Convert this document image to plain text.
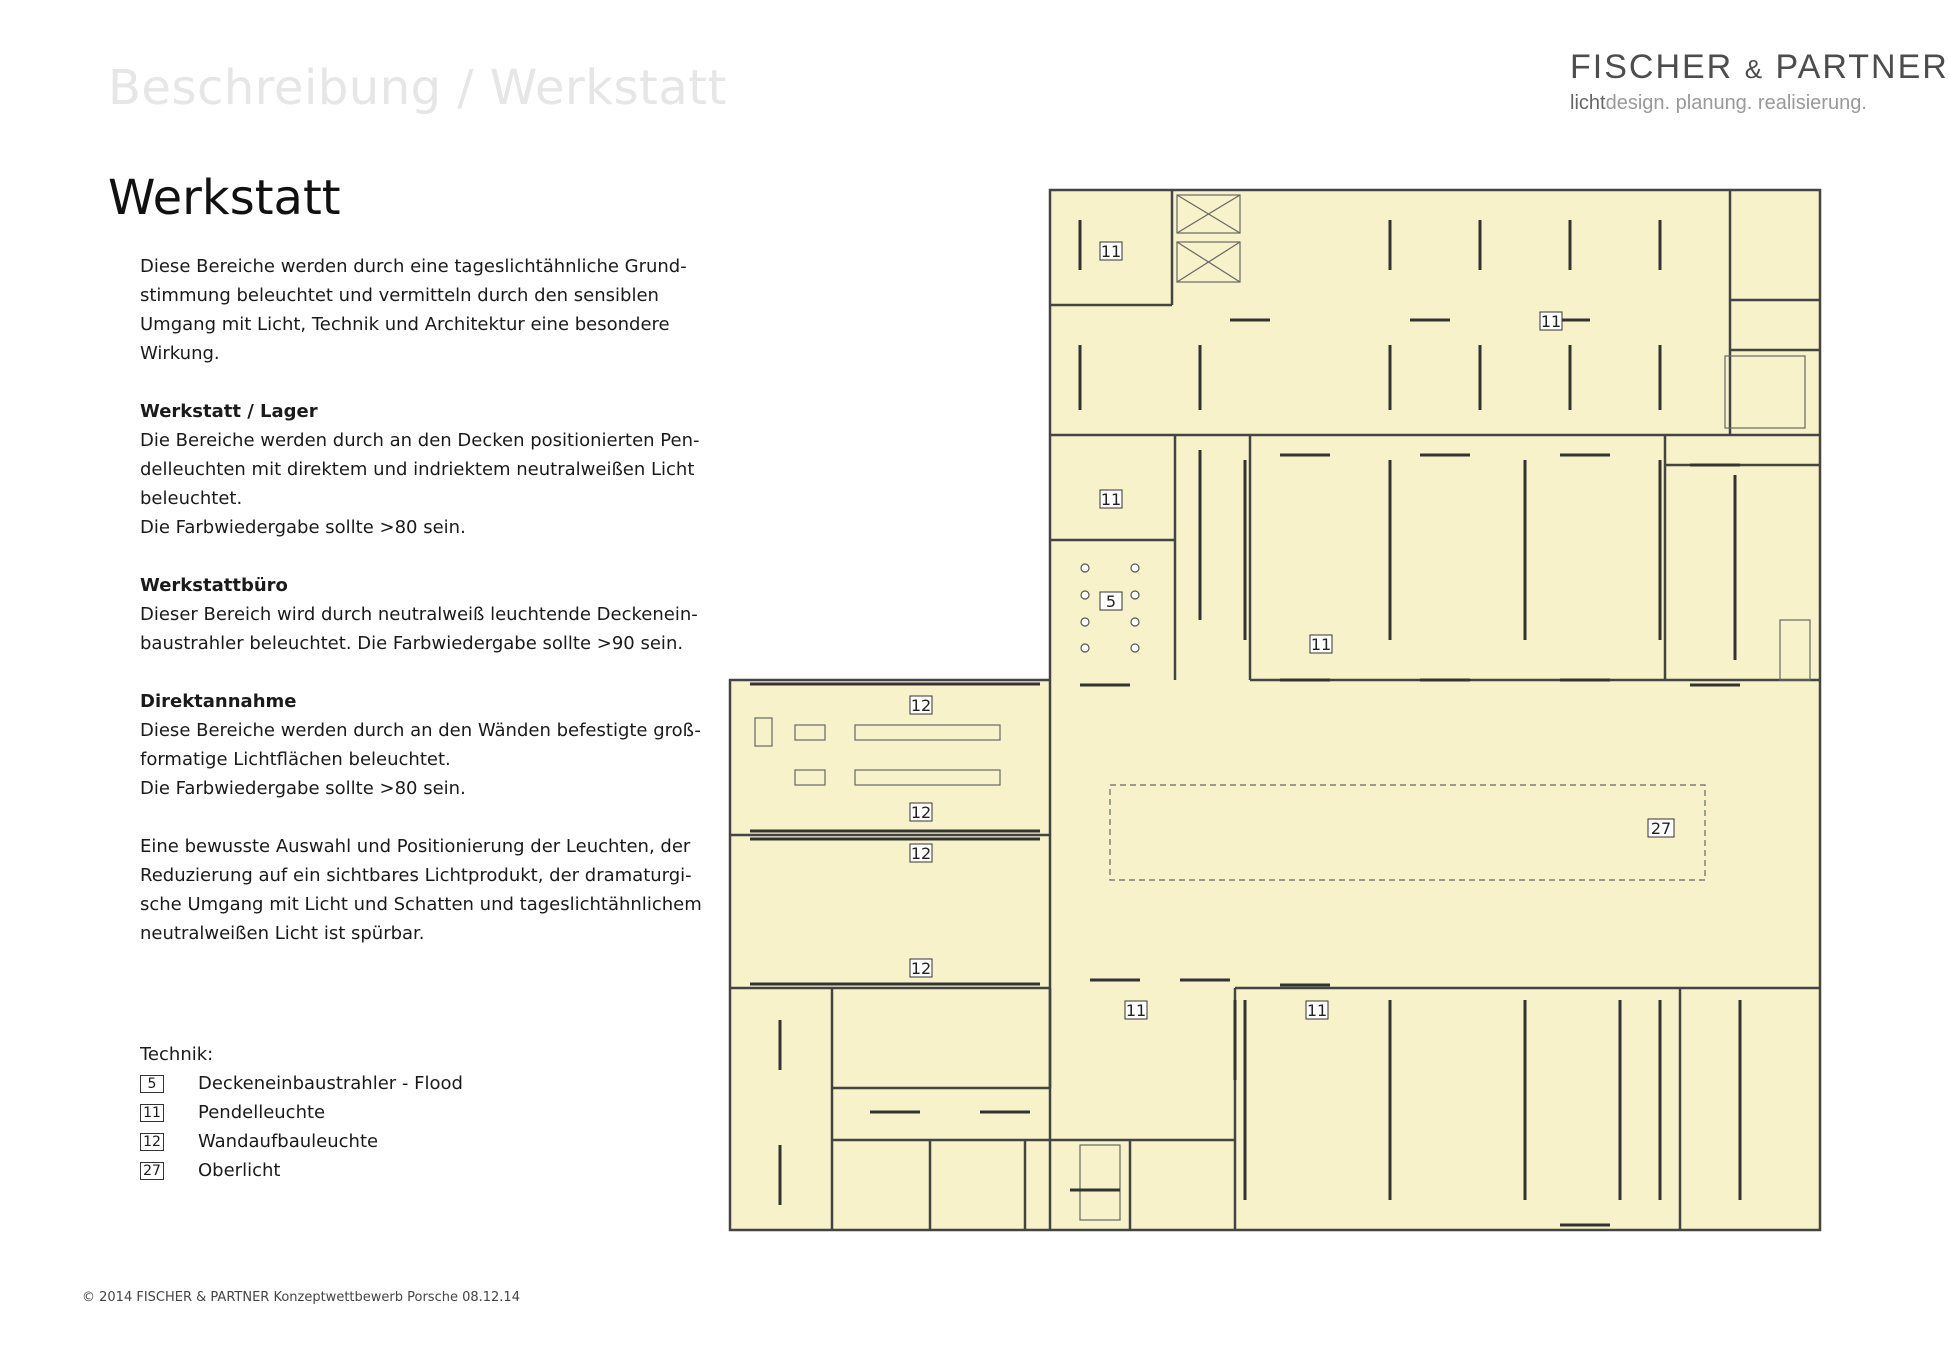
Beschreibung / Werkstatt	FISCHER & PARTNER
lichtdesign. planung. realisierung.
Werkstatt

Diese Bereiche werden durch eine tageslichtähnliche Grund-
stimmung beleuchtet und vermitteln durch den sensiblen
Umgang mit Licht, Technik und Architektur eine besondere
Wirkung.

Werkstatt / Lager
Die Bereiche werden durch an den Decken positionierten Pen-
delleuchten mit direktem und indriektem neutralweißen Licht
beleuchtet.
Die Farbwiedergabe sollte >80 sein.

Werkstattbüro
Dieser Bereich wird durch neutralweiß leuchtende Deckenein-
baustrahler beleuchtet. Die Farbwiedergabe sollte >90 sein.

Direktannahme
Diese Bereiche werden durch an den Wänden befestigte groß-
formatige Lichtflächen beleuchtet.
Die Farbwiedergabe sollte >80 sein.

Eine bewusste Auswahl und Positionierung der Leuchten, der
Reduzierung auf ein sichtbares Lichtprodukt, der dramaturgi-
sche Umgang mit Licht und Schatten und tageslichtähnlichem
neutralweißen Licht ist spürbar.

Technik:
5	Deckeneinbaustrahler - Flood
11 Pendelleuchte
12 Wandaufbauleuchte
27 Oberlicht
© 2014 FISCHER & PARTNER Konzeptwettbewerb Porsche 08.12.14
11
11
11
11
5
12
12
12
12
27
11	11
